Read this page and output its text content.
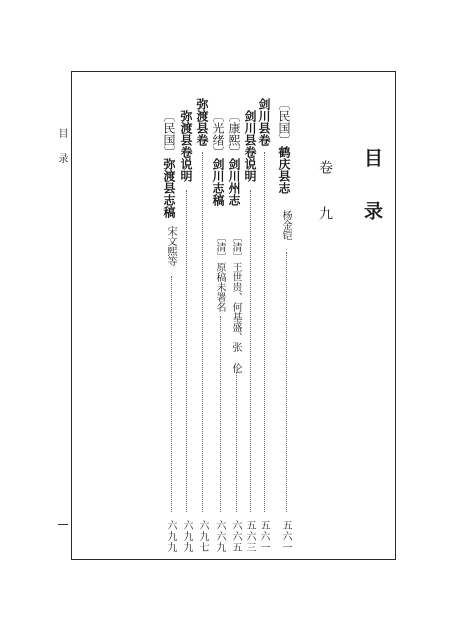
目 录
目 录
卷 九
〔民国〕鹤庆县志
杨金铠
五六一
剑川县卷
五六一
剑川县卷说明
五六三
〔康熙〕剑川州志
〔清〕王世贵、何基盛、张 伦
六六五
〔光绪〕剑川志稿
〔清〕原稿未署名
六六九
弥渡县卷
六九七
弥渡县卷说明
六九九
〔民国〕弥渡县志稿
宋文熙等
六九九
